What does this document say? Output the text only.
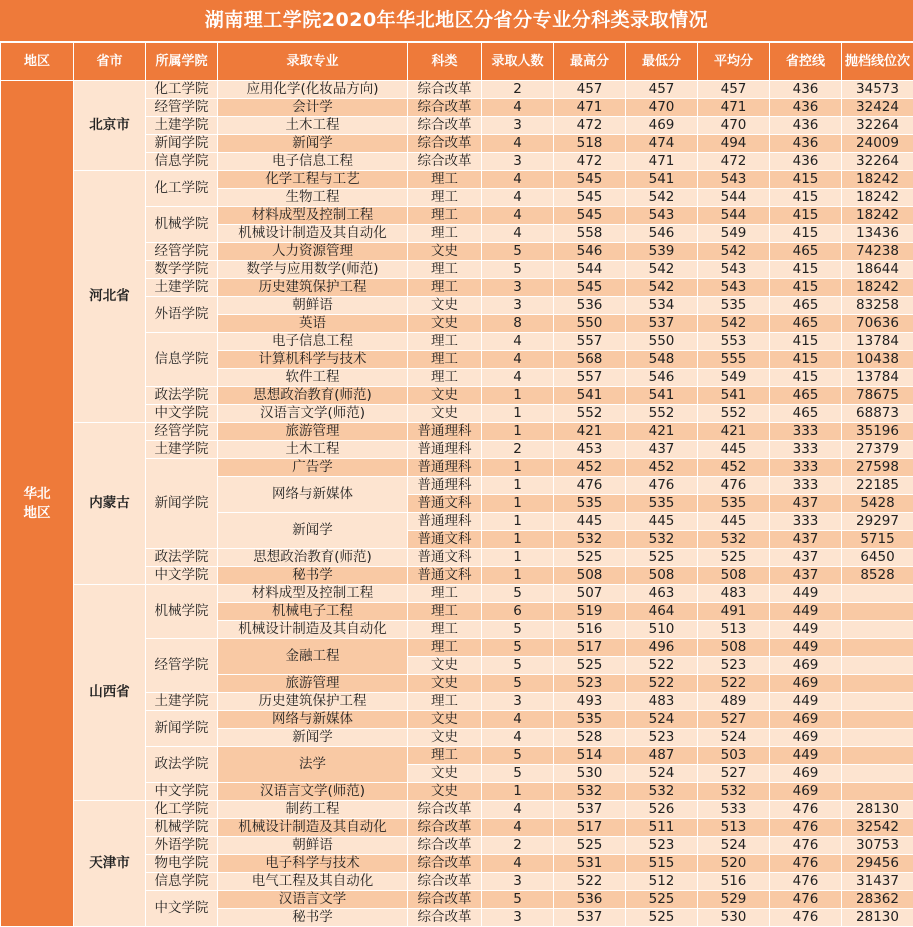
湖南理工学院2020年华北地区分省分专业分科类录取情况
地区	省市	所属学院	录取专业	科类	录取人数	最高分	最低分	平均分	省控线	抛档线位次
华北
地区	北京市	化工学院	应用化学(化妆品方向)	综合改革	2	457	457	457	436	34573
		经管学院	会计学	综合改革	4	471	470	471	436	32424
		土建学院	土木工程	综合改革	3	472	469	470	436	32264
		新闻学院	新闻学	综合改革	4	518	474	494	436	24009
		信息学院	电子信息工程	综合改革	3	472	471	472	436	32264
	河北省	化工学院	化学工程与工艺	理工	4	545	541	543	415	18242
			生物工程	理工	4	545	542	544	415	18242
		机械学院	材料成型及控制工程	理工	4	545	543	544	415	18242
			机械设计制造及其自动化	理工	4	558	546	549	415	13436
		经管学院	人力资源管理	文史	5	546	539	542	465	74238
		数学学院	数学与应用数学(师范)	理工	5	544	542	543	415	18644
		土建学院	历史建筑保护工程	理工	3	545	542	543	415	18242
		外语学院	朝鲜语	文史	3	536	534	535	465	83258
			英语	文史	8	550	537	542	465	70636
		信息学院	电子信息工程	理工	4	557	550	553	415	13784
			计算机科学与技术	理工	4	568	548	555	415	10438
			软件工程	理工	4	557	546	549	415	13784
		政法学院	思想政治教育(师范)	文史	1	541	541	541	465	78675
		中文学院	汉语言文学(师范)	文史	1	552	552	552	465	68873
	内蒙古	经管学院	旅游管理	普通理科	1	421	421	421	333	35196
		土建学院	土木工程	普通理科	2	453	437	445	333	27379
		新闻学院	广告学	普通理科	1	452	452	452	333	27598
			网络与新媒体	普通理科	1	476	476	476	333	22185
				普通文科	1	535	535	535	437	5428
			新闻学	普通理科	1	445	445	445	333	29297
				普通文科	1	532	532	532	437	5715
		政法学院	思想政治教育(师范)	普通文科	1	525	525	525	437	6450
		中文学院	秘书学	普通文科	1	508	508	508	437	8528
	山西省	机械学院	材料成型及控制工程	理工	5	507	463	483	449	
			机械电子工程	理工	6	519	464	491	449	
			机械设计制造及其自动化	理工	5	516	510	513	449	
		经管学院	金融工程	理工	5	517	496	508	449	
				文史	5	525	522	523	469	
			旅游管理	文史	5	523	522	522	469	
		土建学院	历史建筑保护工程	理工	3	493	483	489	449	
		新闻学院	网络与新媒体	文史	4	535	524	527	469	
			新闻学	文史	4	528	523	524	469	
		政法学院	法学	理工	5	514	487	503	449	
				文史	5	530	524	527	469	
		中文学院	汉语言文学(师范)	文史	1	532	532	532	469	
	天津市	化工学院	制药工程	综合改革	4	537	526	533	476	28130
		机械学院	机械设计制造及其自动化	综合改革	4	517	511	513	476	32542
		外语学院	朝鲜语	综合改革	2	525	523	524	476	30753
		物电学院	电子科学与技术	综合改革	4	531	515	520	476	29456
		信息学院	电气工程及其自动化	综合改革	3	522	512	516	476	31437
		中文学院	汉语言文学	综合改革	5	536	525	529	476	28362
			秘书学	综合改革	3	537	525	530	476	28130
